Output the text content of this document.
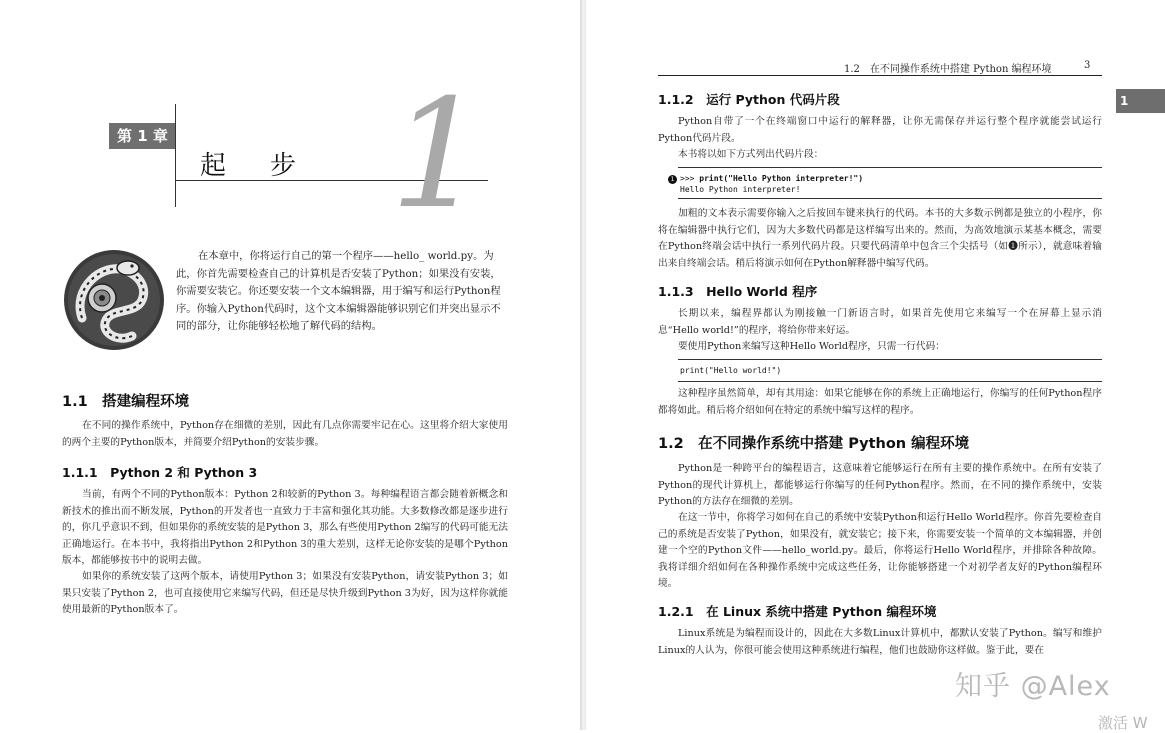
第 1 章
起步 1

在本章中，你将运行自己的第一个程序——hello_ world.py。为此，你首先需要检查自己的计算机是否安装了Python；如果没有安装，你需要安装它。你还要安装一个文本编辑器，用于编写和运行Python程序。你输入Python代码时，这个文本编辑器能够识别它们并突出显示不同的部分，让你能够轻松地了解代码的结构。

1.1　搭建编程环境

在不同的操作系统中，Python存在细微的差别，因此有几点你需要牢记在心。这里将介绍大家使用的两个主要的Python版本，并简要介绍Python的安装步骤。

1.1.1　Python 2 和 Python 3

当前，有两个不同的Python版本：Python 2和较新的Python 3。每种编程语言都会随着新概念和新技术的推出而不断发展，Python的开发者也一直致力于丰富和强化其功能。大多数修改都是逐步进行的，你几乎意识不到，但如果你的系统安装的是Python 3，那么有些使用Python 2编写的代码可能无法正确地运行。在本书中，我将指出Python 2和Python 3的重大差别，这样无论你安装的是哪个Python版本，都能够按书中的说明去做。

如果你的系统安装了这两个版本，请使用Python 3；如果没有安装Python，请安装Python 3；如果只安装了Python 2，也可直接使用它来编写代码，但还是尽快升级到Python 3为好，因为这样你就能使用最新的Python版本了。

1.2　在不同操作系统中搭建 Python 编程环境	3
1.1.2　运行 Python 代码片段

Python自带了一个在终端窗口中运行的解释器，让你无需保存并运行整个程序就能尝试运行Python代码片段。

本书将以如下方式列出代码片段：

1 >>> print("Hello Python interpreter!")
Hello Python interpreter!

加粗的文本表示需要你输入之后按回车键来执行的代码。本书的大多数示例都是独立的小程序，你将在编辑器中执行它们，因为大多数代码都是这样编写出来的。然而，为高效地演示某基本概念，需要在Python终端会话中执行一系列代码片段。只要代码清单中包含三个尖括号（如❶所示），就意味着输出来自终端会话。稍后将演示如何在Python解释器中编写代码。

1.1.3　Hello World 程序

长期以来，编程界都认为刚接触一门新语言时，如果首先使用它来编写一个在屏幕上显示消息“Hello world!”的程序，将给你带来好运。

要使用Python来编写这种Hello World程序，只需一行代码：

print("Hello world!")

这种程序虽然简单，却有其用途：如果它能够在你的系统上正确地运行，你编写的任何Python程序都将如此。稍后将介绍如何在特定的系统中编写这样的程序。

1.2　在不同操作系统中搭建 Python 编程环境

Python是一种跨平台的编程语言，这意味着它能够运行在所有主要的操作系统中。在所有安装了Python的现代计算机上，都能够运行你编写的任何Python程序。然而，在不同的操作系统中，安装Python的方法存在细微的差别。

在这一节中，你将学习如何在自己的系统中安装Python和运行Hello World程序。你首先要检查自己的系统是否安装了Python，如果没有，就安装它；接下来，你需要安装一个简单的文本编辑器，并创建一个空的Python文件——hello_world.py。最后，你将运行Hello World程序，并排除各种故障。我将详细介绍如何在各种操作系统中完成这些任务，让你能够搭建一个对初学者友好的Python编程环境。

1.2.1　在 Linux 系统中搭建 Python 编程环境

Linux系统是为编程而设计的，因此在大多数Linux计算机中，都默认安装了Python。编写和维护Linux的人认为，你很可能会使用这种系统进行编程，他们也鼓励你这样做。鉴于此，要在

1
知乎 @Alex
激活 W
